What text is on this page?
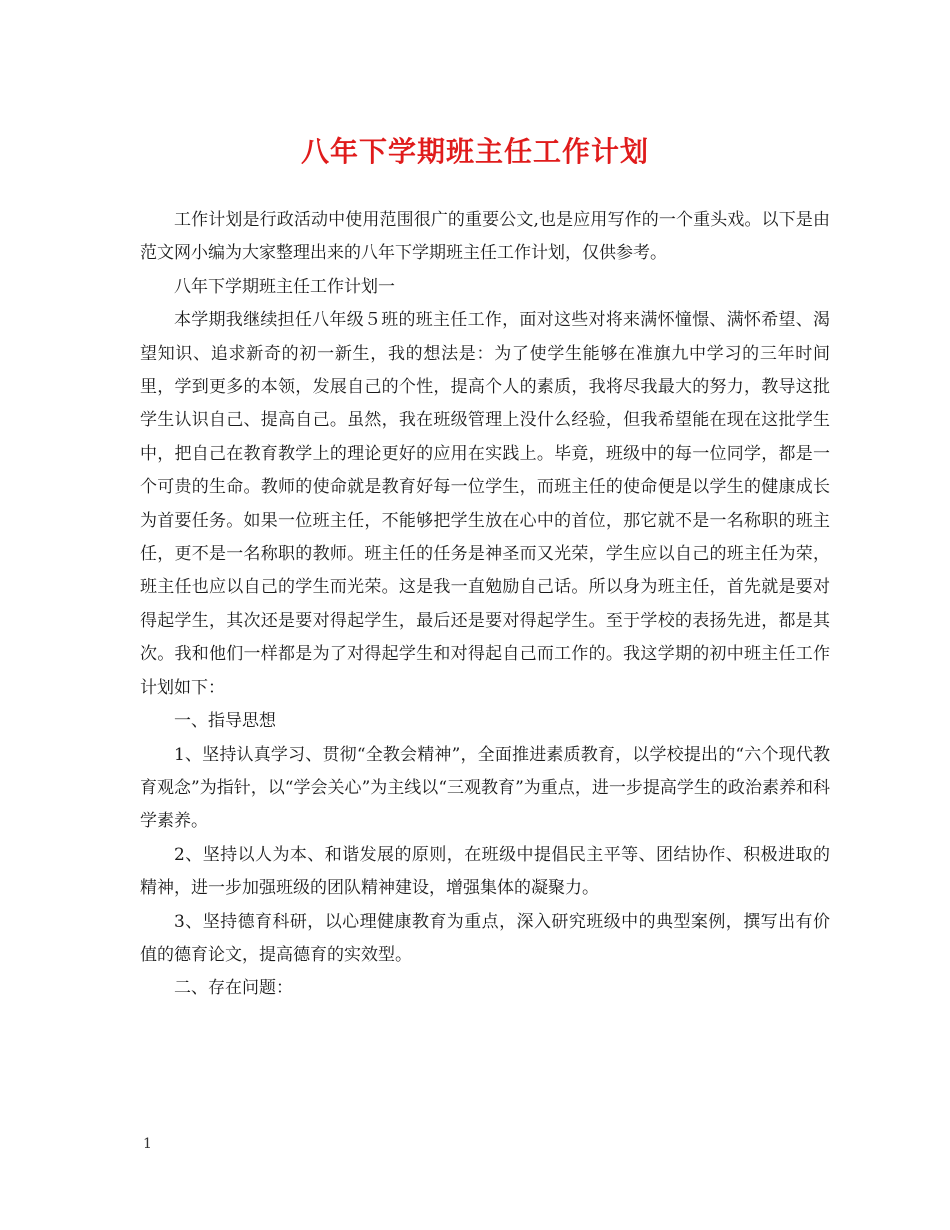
八年下学期班主任工作计划

工作计划是行政活动中使用范围很广的重要公文,也是应用写作的一个重头戏。以下是由范文网小编为大家整理出来的八年下学期班主任工作计划，仅供参考。

八年下学期班主任工作计划一

本学期我继续担任八年级５班的班主任工作，面对这些对将来满怀憧憬、满怀希望、渴望知识、追求新奇的初一新生，我的想法是：为了使学生能够在准旗九中学习的三年时间里，学到更多的本领，发展自己的个性，提高个人的素质，我将尽我最大的努力，教导这批学生认识自己、提高自己。虽然，我在班级管理上没什么经验，但我希望能在现在这批学生中，把自己在教育教学上的理论更好的应用在实践上。毕竟，班级中的每一位同学，都是一个可贵的生命。教师的使命就是教育好每一位学生，而班主任的使命便是以学生的健康成长为首要任务。如果一位班主任，不能够把学生放在心中的首位，那它就不是一名称职的班主任，更不是一名称职的教师。班主任的任务是神圣而又光荣，学生应以自己的班主任为荣，班主任也应以自己的学生而光荣。这是我一直勉励自己话。所以身为班主任，首先就是要对得起学生，其次还是要对得起学生，最后还是要对得起学生。至于学校的表扬先进，都是其次。我和他们一样都是为了对得起学生和对得起自己而工作的。我这学期的初中班主任工作计划如下：

一、指导思想

1、坚持认真学习、贯彻“全教会精神”，全面推进素质教育，以学校提出的“六个现代教育观念”为指针，以“学会关心”为主线以“三观教育”为重点，进一步提高学生的政治素养和科学素养。

2、坚持以人为本、和谐发展的原则，在班级中提倡民主平等、团结协作、积极进取的精神，进一步加强班级的团队精神建设，增强集体的凝聚力。

3、坚持德育科研，以心理健康教育为重点，深入研究班级中的典型案例，撰写出有价值的德育论文，提高德育的实效型。

二、存在问题：

1
